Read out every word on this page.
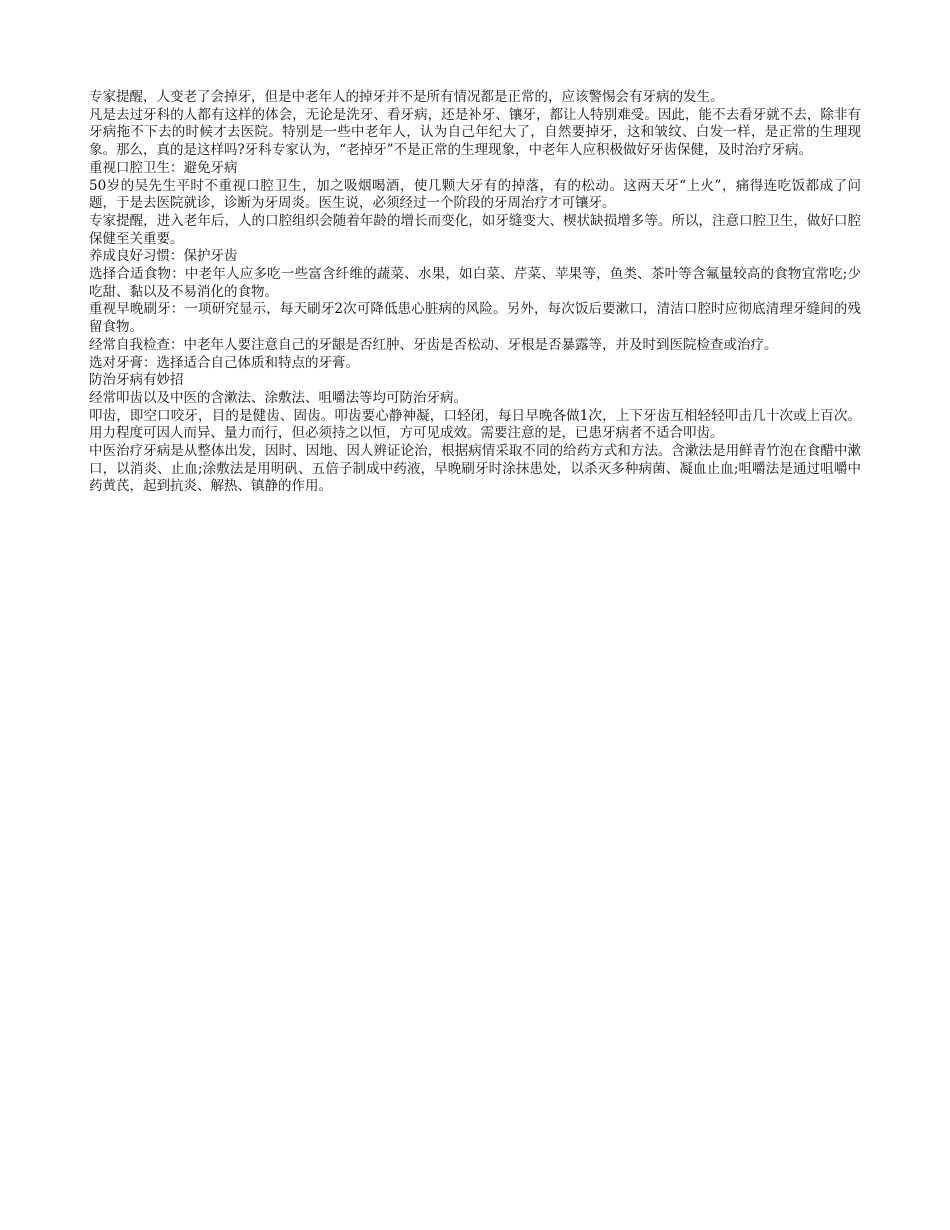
专家提醒，人变老了会掉牙，但是中老年人的掉牙并不是所有情况都是正常的，应该警惕会有牙病的发生。

凡是去过牙科的人都有这样的体会，无论是洗牙、看牙病，还是补牙、镶牙，都让人特别难受。因此，能不去看牙就不去，除非有牙病拖不下去的时候才去医院。特别是一些中老年人，认为自己年纪大了，自然要掉牙，这和皱纹、白发一样，是正常的生理现象。那么，真的是这样吗?牙科专家认为，“老掉牙”不是正常的生理现象，中老年人应积极做好牙齿保健，及时治疗牙病。

重视口腔卫生：避免牙病

50岁的吴先生平时不重视口腔卫生，加之吸烟喝酒，使几颗大牙有的掉落，有的松动。这两天牙“上火”，痛得连吃饭都成了问题，于是去医院就诊，诊断为牙周炎。医生说，必须经过一个阶段的牙周治疗才可镶牙。

专家提醒，进入老年后，人的口腔组织会随着年龄的增长而变化，如牙缝变大、楔状缺损增多等。所以，注意口腔卫生，做好口腔保健至关重要。

养成良好习惯：保护牙齿

选择合适食物：中老年人应多吃一些富含纤维的蔬菜、水果，如白菜、芹菜、苹果等，鱼类、茶叶等含氟量较高的食物宜常吃;少吃甜、黏以及不易消化的食物。

重视早晚刷牙：一项研究显示，每天刷牙2次可降低患心脏病的风险。另外，每次饭后要漱口，清洁口腔时应彻底清理牙缝间的残留食物。

经常自我检查：中老年人要注意自己的牙龈是否红肿、牙齿是否松动、牙根是否暴露等，并及时到医院检查或治疗。

选对牙膏：选择适合自己体质和特点的牙膏。

防治牙病有妙招

经常叩齿以及中医的含漱法、涂敷法、咀嚼法等均可防治牙病。

叩齿，即空口咬牙，目的是健齿、固齿。叩齿要心静神凝，口轻闭，每日早晚各做1次，上下牙齿互相轻轻叩击几十次或上百次。用力程度可因人而异、量力而行，但必须持之以恒，方可见成效。需要注意的是，已患牙病者不适合叩齿。

中医治疗牙病是从整体出发，因时、因地、因人辨证论治，根据病情采取不同的给药方式和方法。含漱法是用鲜青竹泡在食醋中漱口，以消炎、止血;涂敷法是用明矾、五倍子制成中药液，早晚刷牙时涂抹患处，以杀灭多种病菌、凝血止血;咀嚼法是通过咀嚼中药黄芪，起到抗炎、解热、镇静的作用。
